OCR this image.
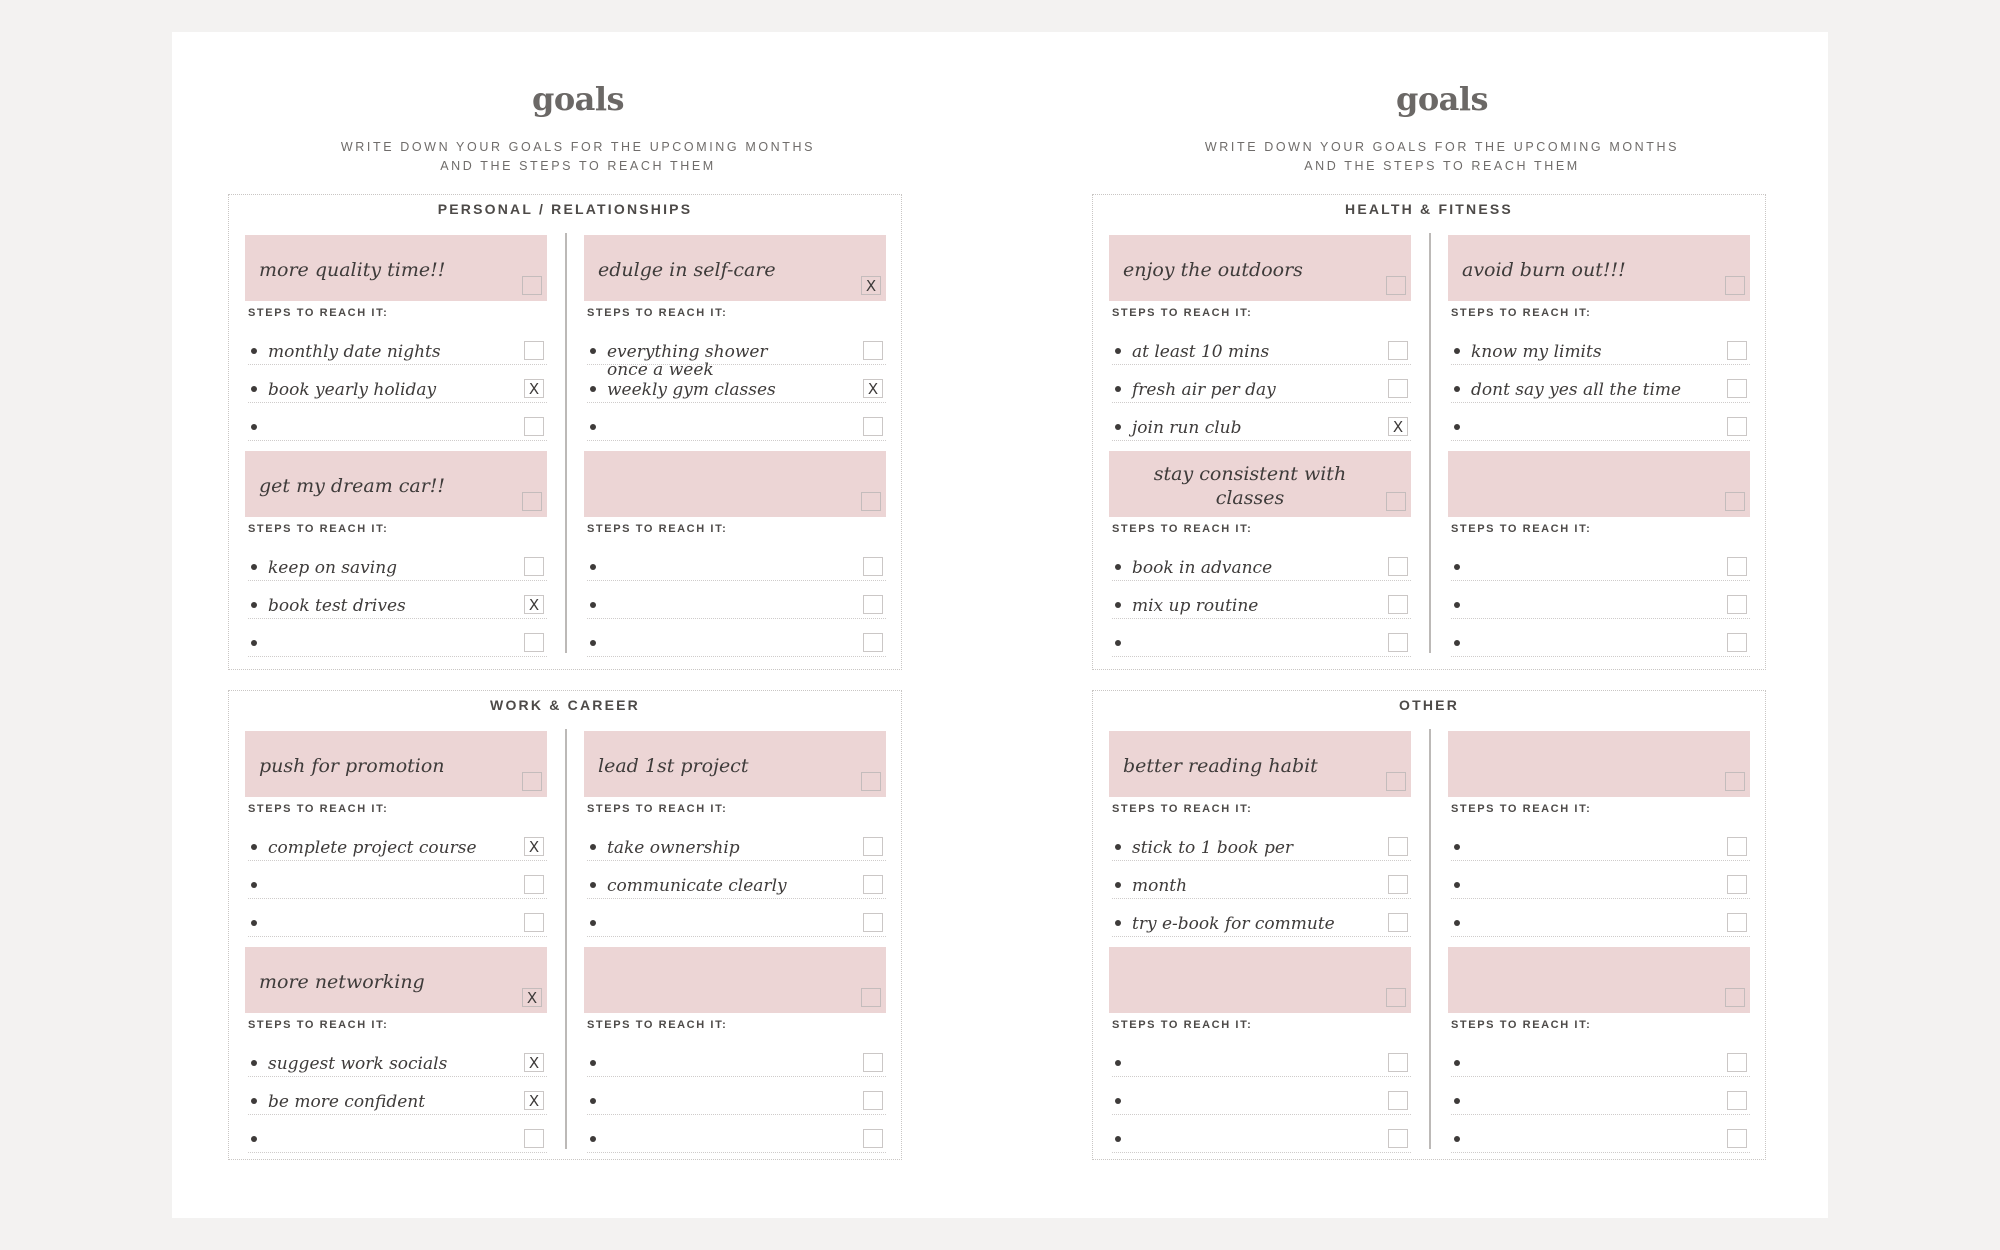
goals
WRITE DOWN YOUR GOALS FOR THE UPCOMING MONTHS
AND THE STEPS TO REACH THEM
PERSONAL / RELATIONSHIPS
more quality time!!
STEPS TO REACH IT:
monthly date nights
book yearly holiday	X
edulge in self-care
X
STEPS TO REACH IT:
everything shower
once a week
weekly gym classes	X
get my dream car!!
STEPS TO REACH IT:
keep on saving
book test drives	X
STEPS TO REACH IT:
WORK & CAREER
push for promotion
STEPS TO REACH IT:
complete project course	X
lead 1st project
STEPS TO REACH IT:
take ownership
communicate clearly
more networking
X
STEPS TO REACH IT:
suggest work socials	X
be more confident	X
STEPS TO REACH IT:
goals
WRITE DOWN YOUR GOALS FOR THE UPCOMING MONTHS
AND THE STEPS TO REACH THEM
HEALTH & FITNESS
enjoy the outdoors
STEPS TO REACH IT:
at least 10 mins
fresh air per day
join run club	X
avoid burn out!!!
STEPS TO REACH IT:
know my limits
dont say yes all the time
stay consistent with classes
STEPS TO REACH IT:
book in advance
mix up routine
STEPS TO REACH IT:
OTHER
better reading habit
STEPS TO REACH IT:
stick to 1 book per
month
try e-book for commute
STEPS TO REACH IT:
STEPS TO REACH IT:	STEPS TO REACH IT:
